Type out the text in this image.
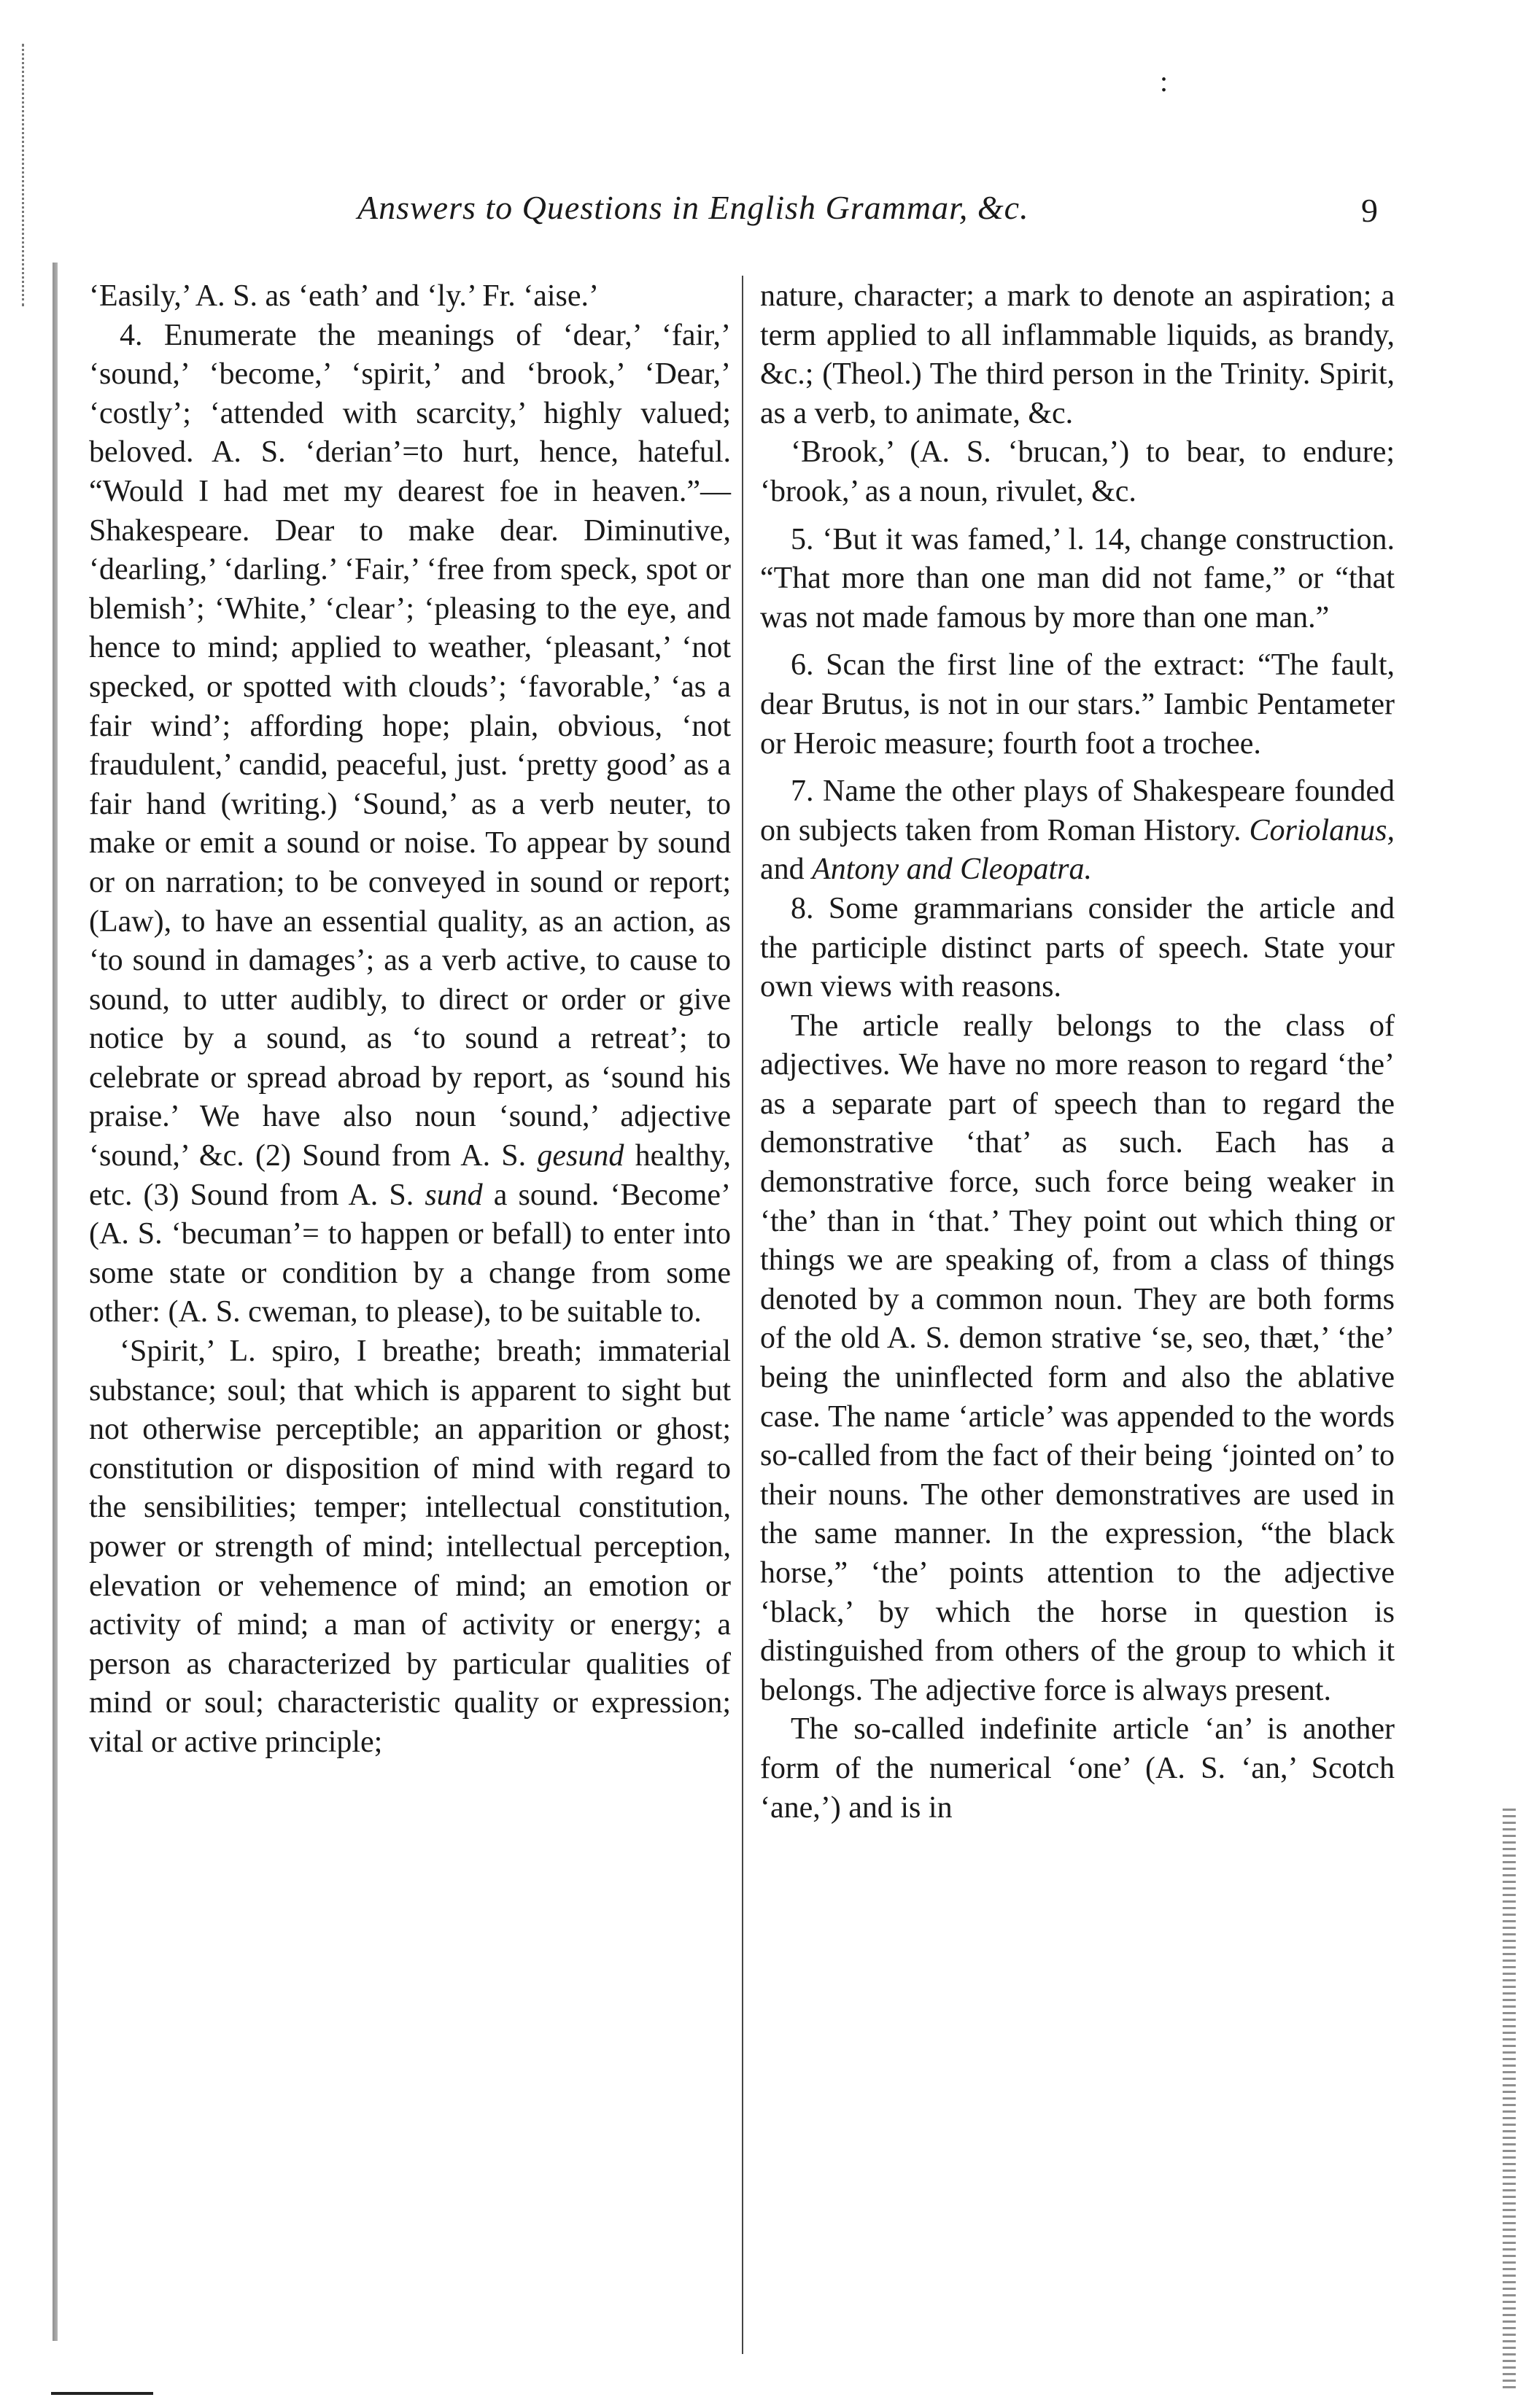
Answers to Questions in English Grammar, &c.	9
:

‘Easily,’ A. S. as ‘eath’ and ‘ly.’ Fr. ‘aise.’

4. Enumerate the meanings of ‘dear,’ ‘fair,’ ‘sound,’ ‘become,’ ‘spirit,’ and ‘brook,’ ‘Dear,’ ‘costly’; ‘attended with scarcity,’ highly valued; beloved. A. S. ‘derian’=to hurt, hence, hateful. “Would I had met my dearest foe in heaven.”—Shakespeare. Dear to make dear. Diminutive, ‘dearling,’ ‘darling.’ ‘Fair,’ ‘free from speck, spot or blemish’; ‘White,’ ‘clear’; ‘pleasing to the eye, and hence to mind; applied to weather, ‘pleasant,’ ‘not specked, or spotted with clouds’; ‘favorable,’ ‘as a fair wind’; affording hope; plain, obvious, ‘not fraudulent,’ candid, peaceful, just. ‘pretty good’ as a fair hand (writing.) ‘Sound,’ as a verb neuter, to make or emit a sound or noise. To appear by sound or on narration; to be conveyed in sound or report; (Law), to have an essential quality, as an action, as ‘to sound in damages’; as a verb active, to cause to sound, to utter audibly, to direct or order or give notice by a sound, as ‘to sound a retreat’; to celebrate or spread abroad by report, as ‘sound his praise.’ We have also noun ‘sound,’ adjective ‘sound,’ &c. (2) Sound from A. S. gesund healthy, etc. (3) Sound from A. S. sund a sound. ‘Become’ (A. S. ‘becuman’= to happen or befall) to enter into some state or condition by a change from some other: (A. S. cweman, to please), to be suitable to.

‘Spirit,’ L. spiro, I breathe; breath; immaterial substance; soul; that which is apparent to sight but not otherwise perceptible; an apparition or ghost; constitution or disposition of mind with regard to the sensibilities; temper; intellectual constitution, power or strength of mind; intellectual perception, elevation or vehemence of mind; an emotion or activity of mind; a man of activity or energy; a person as characterized by particular qualities of mind or soul; characteristic quality or expression; vital or active principle;

nature, character; a mark to denote an aspiration; a term applied to all inflammable liquids, as brandy, &c.; (Theol.) The third person in the Trinity. Spirit, as a verb, to animate, &c.

‘Brook,’ (A. S. ‘brucan,’) to bear, to endure; ‘brook,’ as a noun, rivulet, &c.

5. ‘But it was famed,’ l. 14, change construction. “That more than one man did not fame,” or “that was not made famous by more than one man.”

6. Scan the first line of the extract: “The fault, dear Brutus, is not in our stars.” Iambic Pentameter or Heroic measure; fourth foot a trochee.

7. Name the other plays of Shakespeare founded on subjects taken from Roman History. Coriolanus, and Antony and Cleopatra.

8. Some grammarians consider the article and the participle distinct parts of speech. State your own views with reasons.

The article really belongs to the class of adjectives. We have no more reason to regard ‘the’ as a separate part of speech than to regard the demonstrative ‘that’ as such. Each has a demonstrative force, such force being weaker in ‘the’ than in ‘that.’ They point out which thing or things we are speaking of, from a class of things denoted by a common noun. They are both forms of the old A. S. demon strative ‘se, seo, thæt,’ ‘the’ being the uninflected form and also the ablative case. The name ‘article’ was appended to the words so-called from the fact of their being ‘jointed on’ to their nouns. The other demonstratives are used in the same manner. In the expression, “the black horse,” ‘the’ points attention to the adjective ‘black,’ by which the horse in question is distinguished from others of the group to which it belongs. The adjective force is always present.

The so-called indefinite article ‘an’ is another form of the numerical ‘one’ (A. S. ‘an,’ Scotch ‘ane,’) and is in
